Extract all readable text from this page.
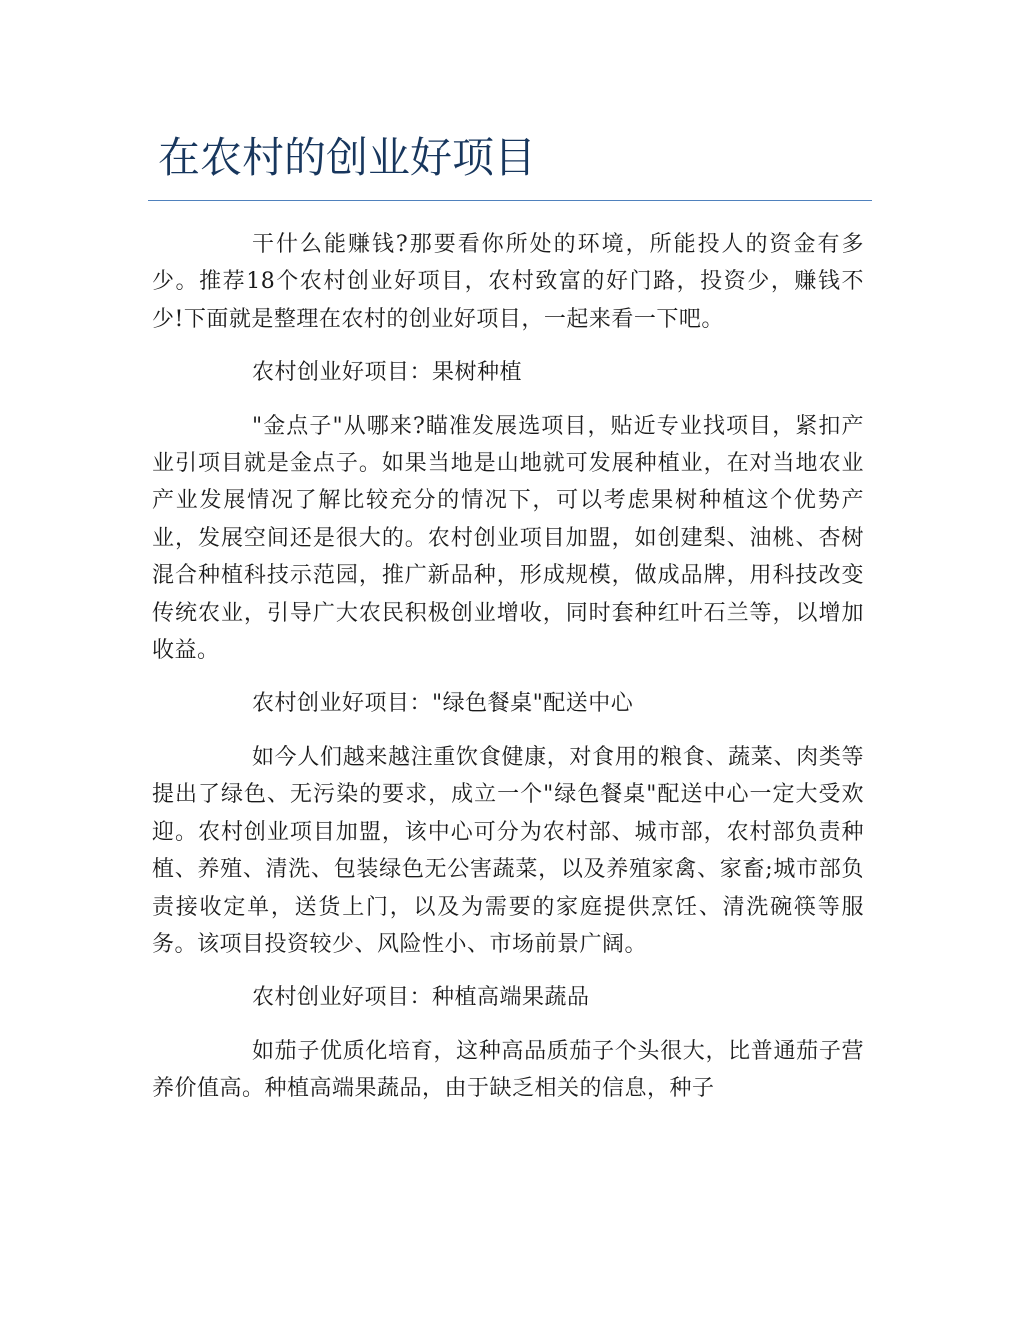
在农村的创业好项目

干什么能赚钱?那要看你所处的环境，所能投人的资金有多少。推荐18个农村创业好项目，农村致富的好门路，投资少，赚钱不少!下面就是整理在农村的创业好项目，一起来看一下吧。

农村创业好项目：果树种植

"金点子"从哪来?瞄准发展选项目，贴近专业找项目，紧扣产业引项目就是金点子。如果当地是山地就可发展种植业，在对当地农业产业发展情况了解比较充分的情况下，可以考虑果树种植这个优势产业，发展空间还是很大的。农村创业项目加盟，如创建梨、油桃、杏树混合种植科技示范园，推广新品种，形成规模，做成品牌，用科技改变传统农业，引导广大农民积极创业增收，同时套种红叶石兰等，以增加收益。

农村创业好项目："绿色餐桌"配送中心

如今人们越来越注重饮食健康，对食用的粮食、蔬菜、肉类等提出了绿色、无污染的要求，成立一个"绿色餐桌"配送中心一定大受欢迎。农村创业项目加盟，该中心可分为农村部、城市部，农村部负责种植、养殖、清洗、包装绿色无公害蔬菜，以及养殖家禽、家畜;城市部负责接收定单，送货上门，以及为需要的家庭提供烹饪、清洗碗筷等服务。该项目投资较少、风险性小、市场前景广阔。

农村创业好项目：种植高端果蔬品

如茄子优质化培育，这种高品质茄子个头很大，比普通茄子营养价值高。种植高端果蔬品，由于缺乏相关的信息，种子
